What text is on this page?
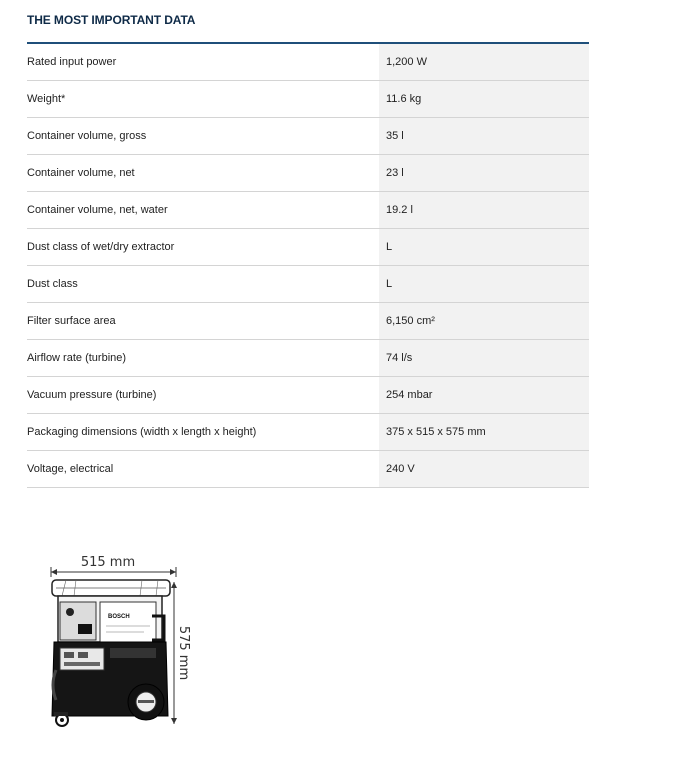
THE MOST IMPORTANT DATA
Rated input power	1,200 W
Weight*	11.6 kg
Container volume, gross	35 l
Container volume, net	23 l
Container volume, net, water	19.2 l
Dust class of wet/dry extractor	L
Dust class	L
Filter surface area	6,150 cm²
Airflow rate (turbine)	74 l/s
Vacuum pressure (turbine)	254 mbar
Packaging dimensions (width x length x height)	375 x 515 x 575 mm
Voltage, electrical	240 V
515 mm
575 mm
BOSCH
